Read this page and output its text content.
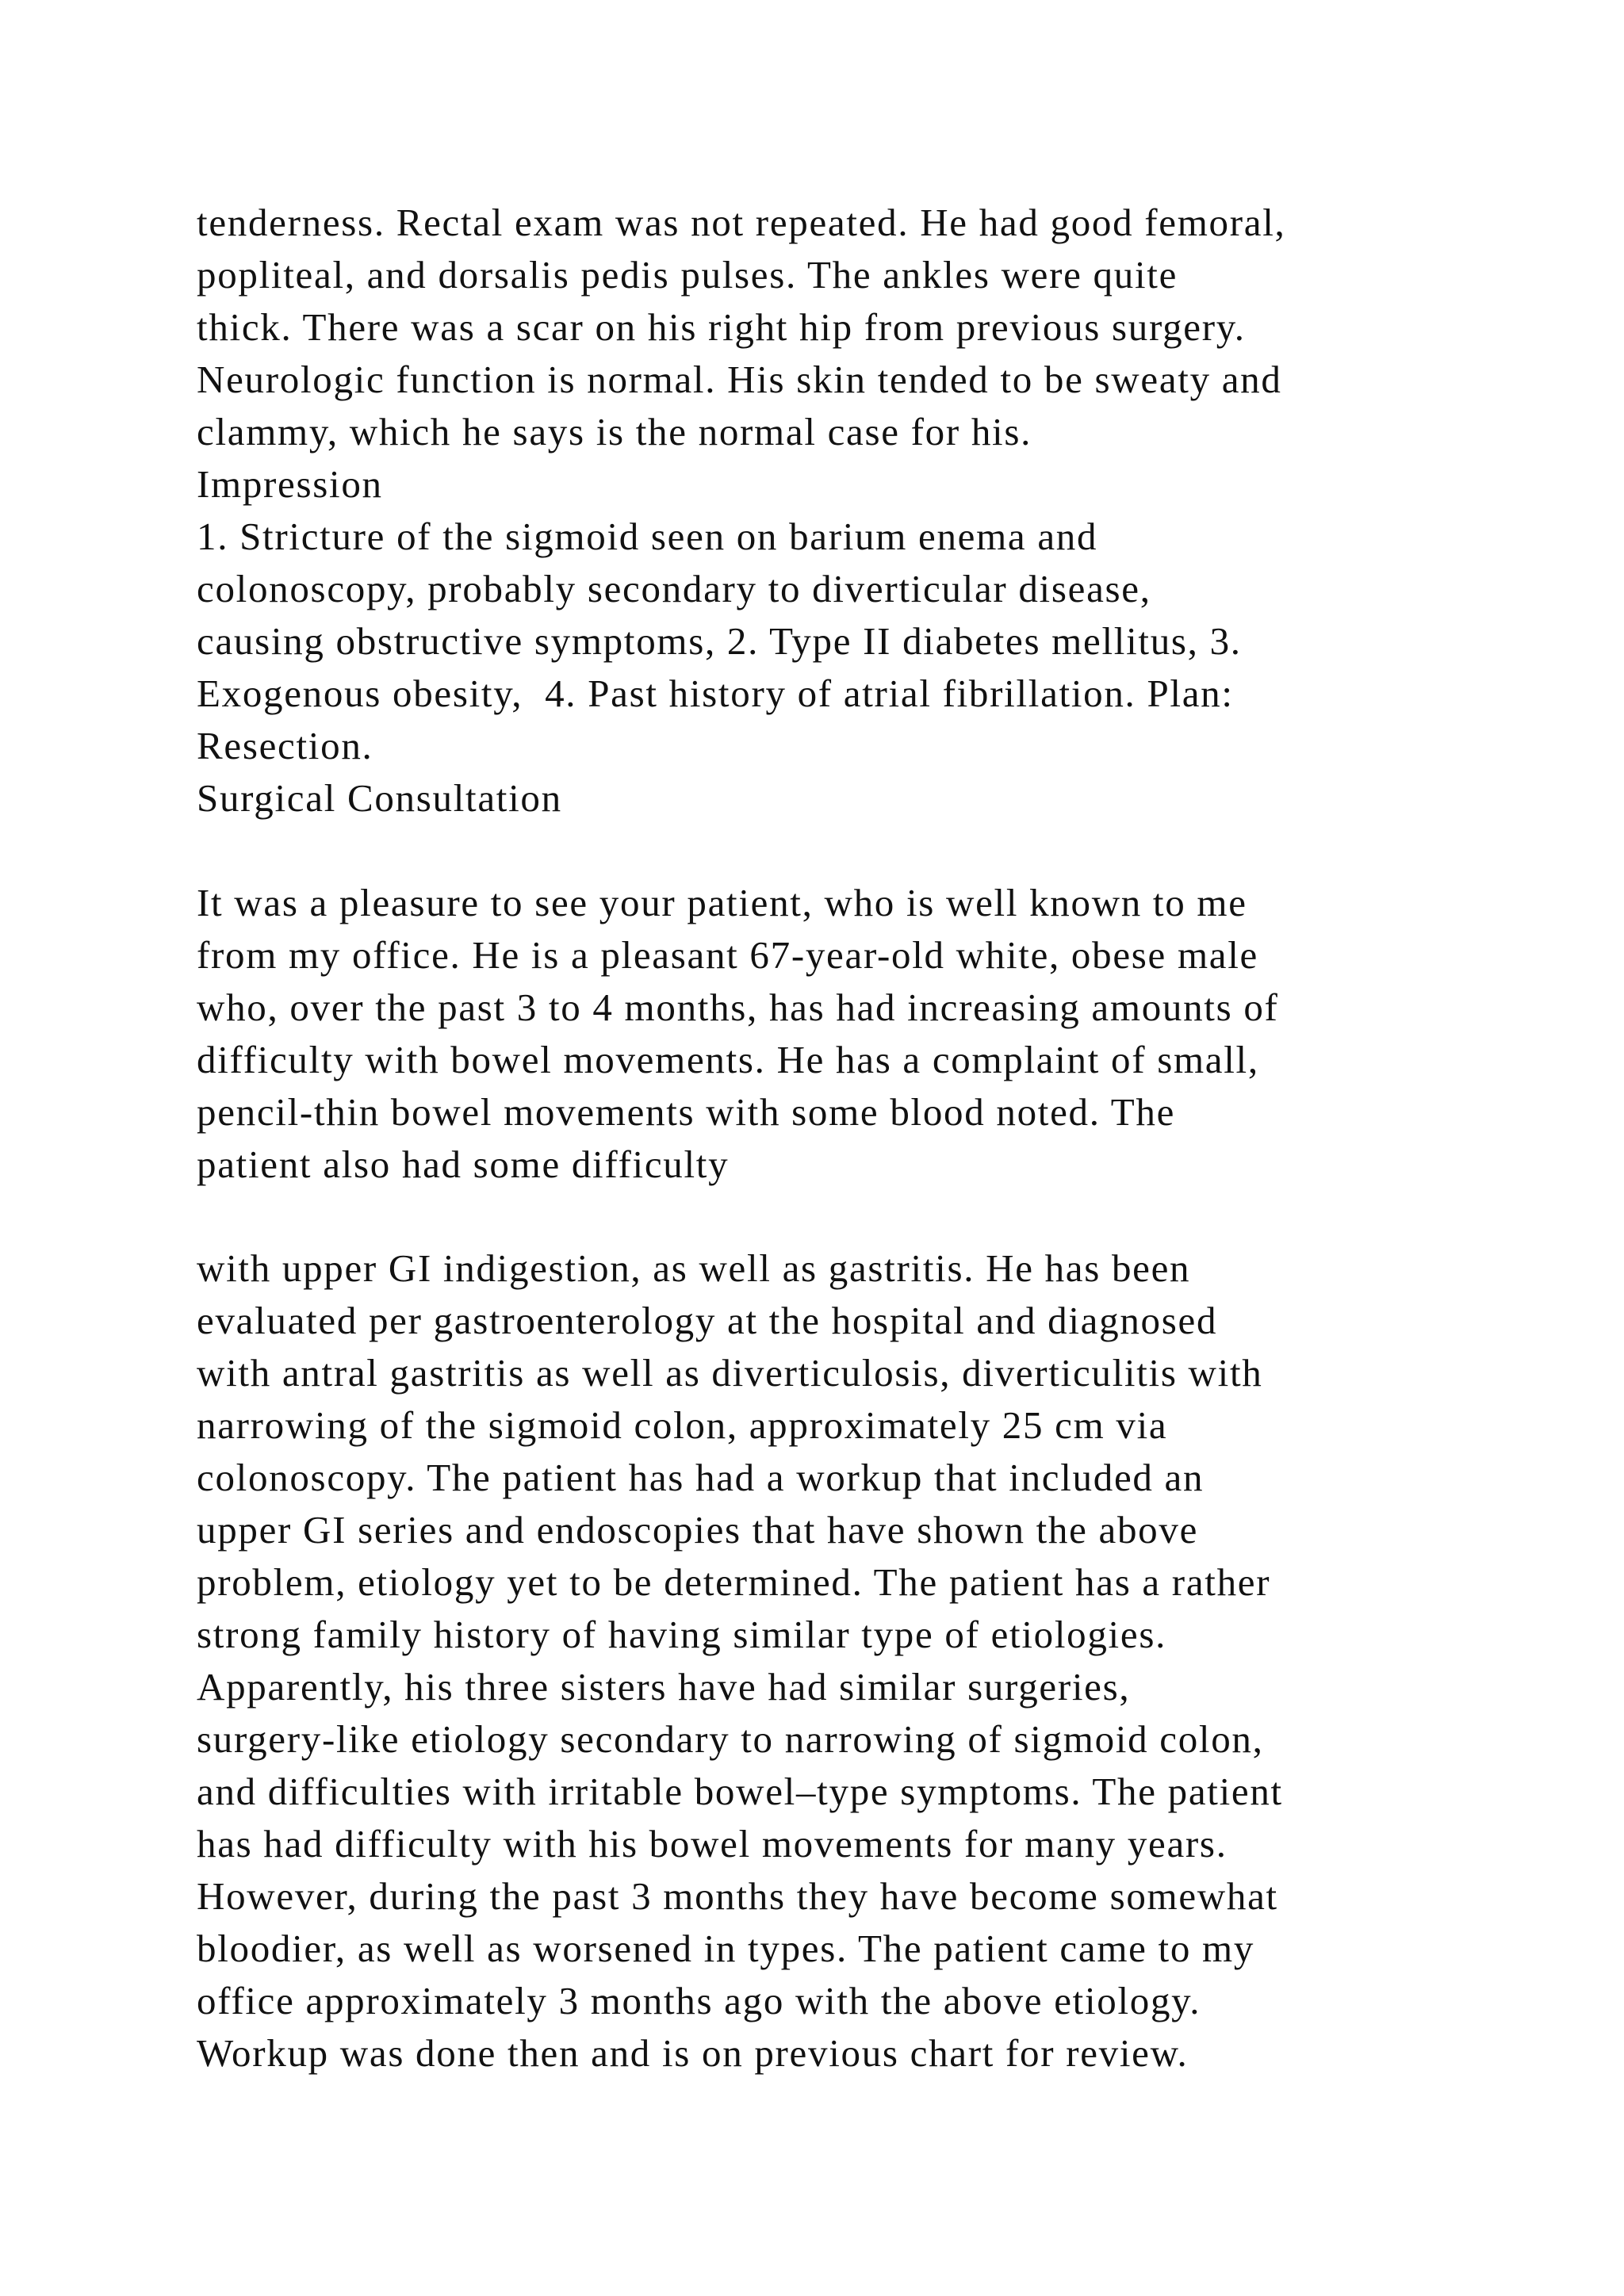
tenderness. Rectal exam was not repeated. He had good femoral,
popliteal, and dorsalis pedis pulses. The ankles were quite
thick. There was a scar on his right hip from previous surgery.
Neurologic function is normal. His skin tended to be sweaty and
clammy, which he says is the normal case for his.
Impression
1. Stricture of the sigmoid seen on barium enema and
colonoscopy, probably secondary to diverticular disease,
causing obstructive symptoms, 2. Type II diabetes mellitus, 3.
Exogenous obesity,  4. Past history of atrial fibrillation. Plan:
Resection.
Surgical Consultation
It was a pleasure to see your patient, who is well known to me
from my office. He is a pleasant 67-year-old white, obese male
who, over the past 3 to 4 months, has had increasing amounts of
difficulty with bowel movements. He has a complaint of small,
pencil-thin bowel movements with some blood noted. The
patient also had some difficulty
with upper GI indigestion, as well as gastritis. He has been
evaluated per gastroenterology at the hospital and diagnosed
with antral gastritis as well as diverticulosis, diverticulitis with
narrowing of the sigmoid colon, approximately 25 cm via
colonoscopy. The patient has had a workup that included an
upper GI series and endoscopies that have shown the above
problem, etiology yet to be determined. The patient has a rather
strong family history of having similar type of etiologies.
Apparently, his three sisters have had similar surgeries,
surgery-like etiology secondary to narrowing of sigmoid colon,
and difficulties with irritable bowel–type symptoms. The patient
has had difficulty with his bowel movements for many years.
However, during the past 3 months they have become somewhat
bloodier, as well as worsened in types. The patient came to my
office approximately 3 months ago with the above etiology.
Workup was done then and is on previous chart for review.
